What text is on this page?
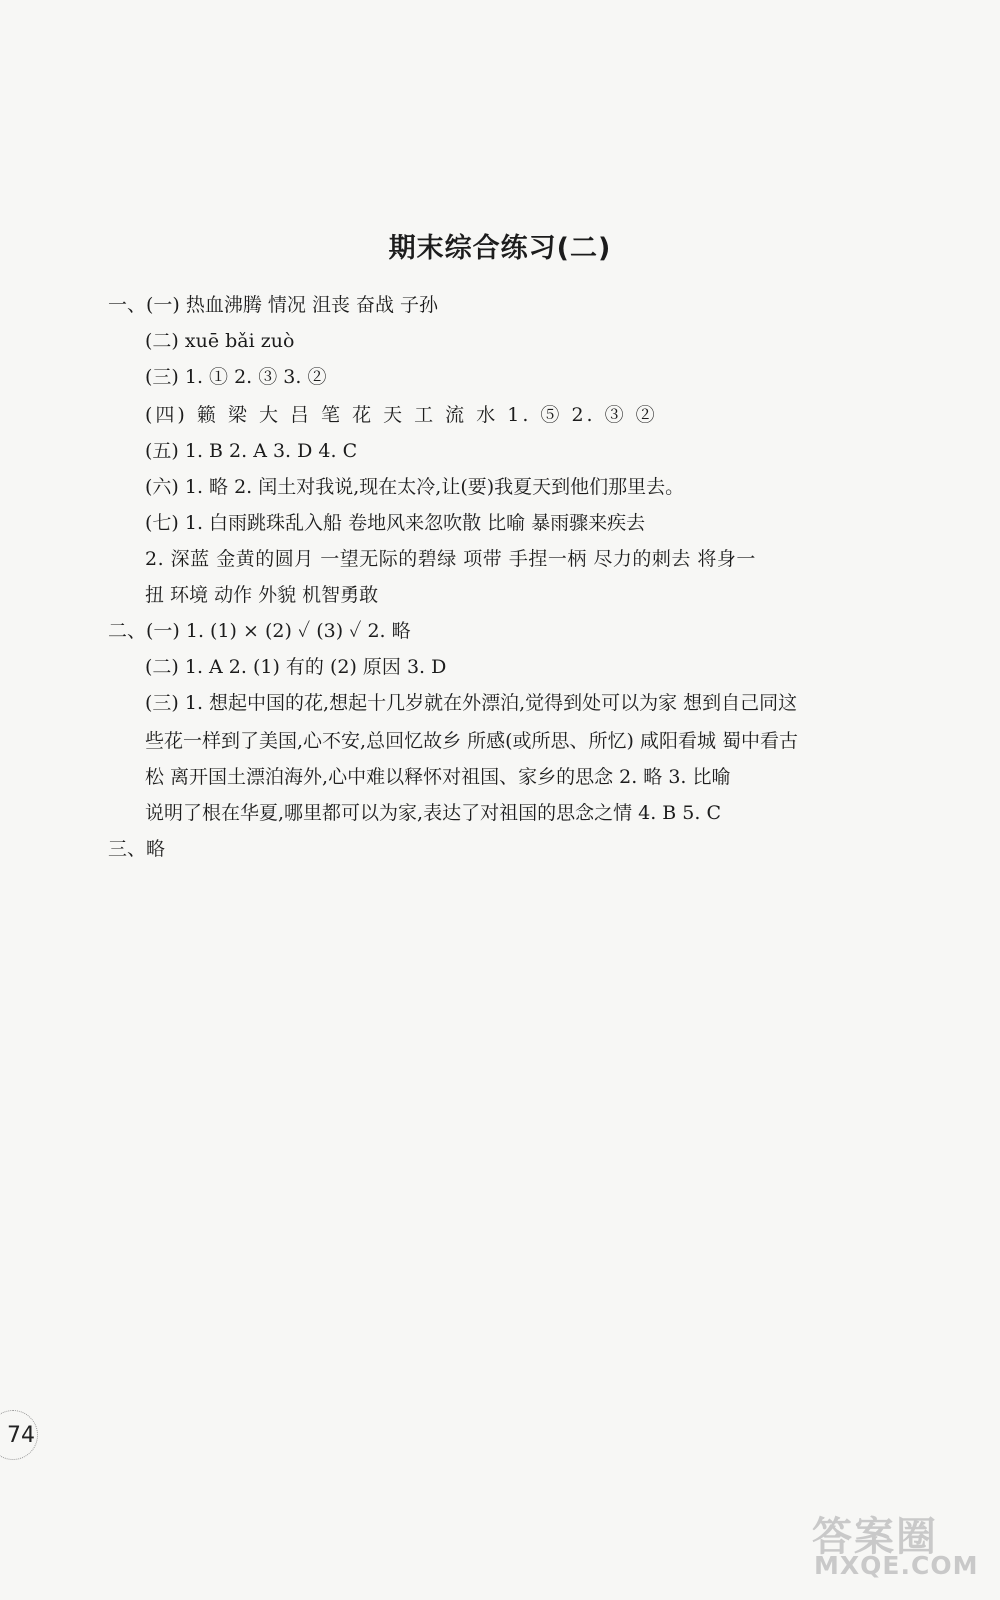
期末综合练习(二)
一、(一) 热血沸腾 情况 沮丧 奋战 子孙
(二) xuē bǎi zuò
(三) 1. ① 2. ③ 3. ②
(四) 籁 梁 大 吕 笔 花 天 工 流 水 1. ⑤ 2. ③ ②
(五) 1. B 2. A 3. D 4. C
(六) 1. 略 2. 闰土对我说,现在太冷,让(要)我夏天到他们那里去。
(七) 1. 白雨跳珠乱入船 卷地风来忽吹散 比喻 暴雨骤来疾去
2. 深蓝 金黄的圆月 一望无际的碧绿 项带 手捏一柄 尽力的刺去 将身一
扭 环境 动作 外貌 机智勇敢
二、(一) 1. (1) × (2) ✓ (3) ✓ 2. 略
(二) 1. A 2. (1) 有的 (2) 原因 3. D
(三) 1. 想起中国的花,想起十几岁就在外漂泊,觉得到处可以为家 想到自己同这
些花一样到了美国,心不安,总回忆故乡 所感(或所思、所忆) 咸阳看城 蜀中看古
松 离开国土漂泊海外,心中难以释怀对祖国、家乡的思念 2. 略 3. 比喻
说明了根在华夏,哪里都可以为家,表达了对祖国的思念之情 4. B 5. C
三、略
74
答案圈
MXQE.COM
